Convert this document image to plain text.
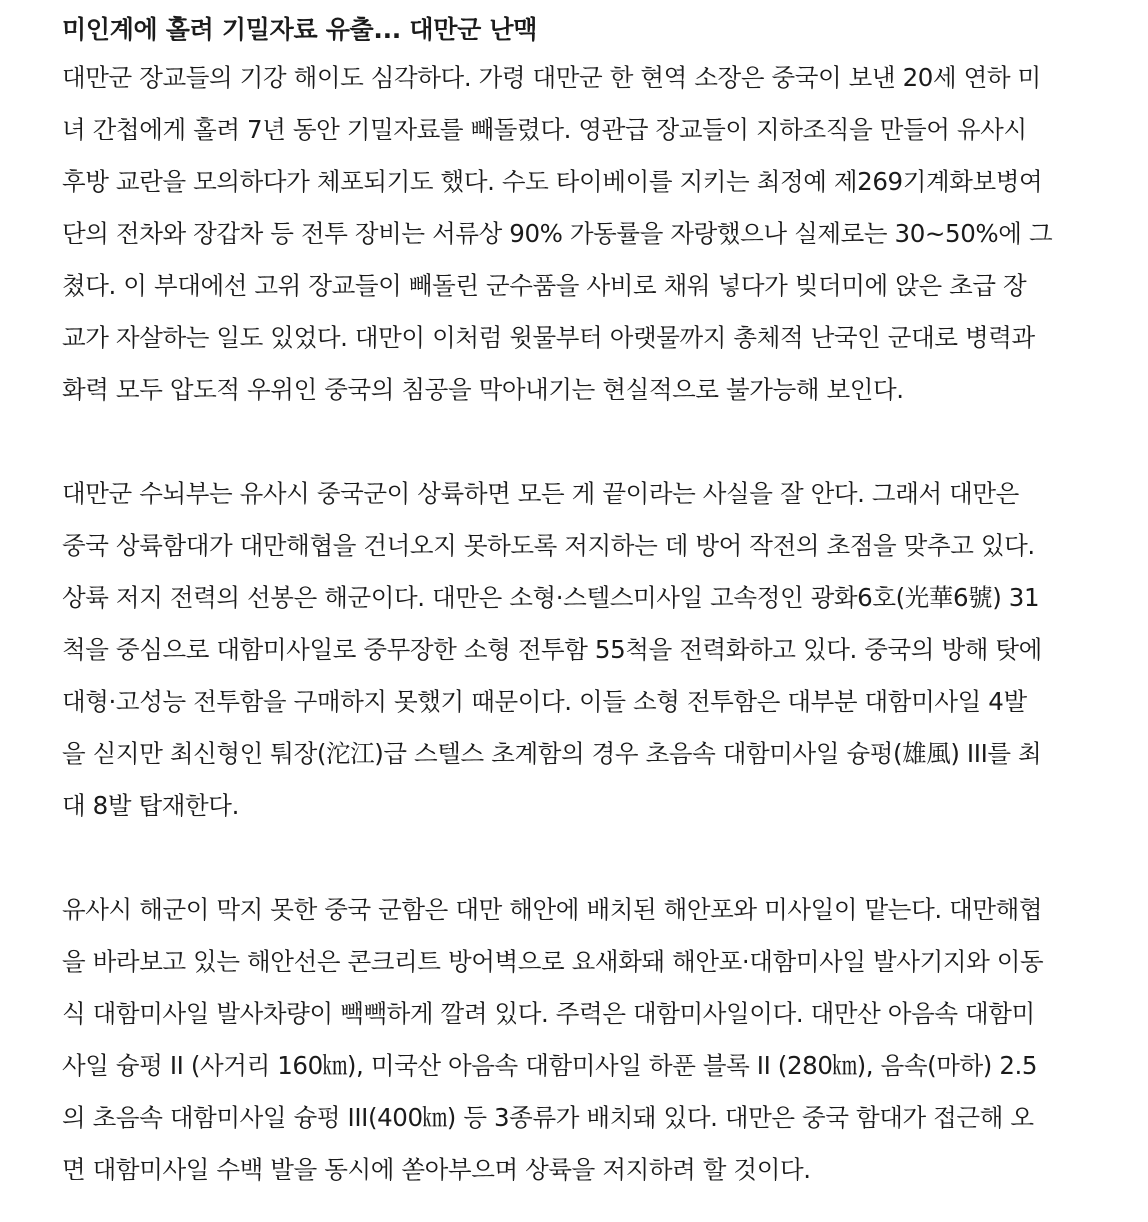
미인계에 홀려 기밀자료 유출... 대만군 난맥
대만군 장교들의 기강 해이도 심각하다. 가령 대만군 한 현역 소장은 중국이 보낸 20세 연하 미
녀 간첩에게 홀려 7년 동안 기밀자료를 빼돌렸다. 영관급 장교들이 지하조직을 만들어 유사시
후방 교란을 모의하다가 체포되기도 했다. 수도 타이베이를 지키는 최정예 제269기계화보병여
단의 전차와 장갑차 등 전투 장비는 서류상 90% 가동률을 자랑했으나 실제로는 30~50%에 그
쳤다. 이 부대에선 고위 장교들이 빼돌린 군수품을 사비로 채워 넣다가 빚더미에 앉은 초급 장
교가 자살하는 일도 있었다. 대만이 이처럼 윗물부터 아랫물까지 총체적 난국인 군대로 병력과
화력 모두 압도적 우위인 중국의 침공을 막아내기는 현실적으로 불가능해 보인다.
대만군 수뇌부는 유사시 중국군이 상륙하면 모든 게 끝이라는 사실을 잘 안다. 그래서 대만은
중국 상륙함대가 대만해협을 건너오지 못하도록 저지하는 데 방어 작전의 초점을 맞추고 있다.
상륙 저지 전력의 선봉은 해군이다. 대만은 소형·스텔스미사일 고속정인 광화6호(光華6號) 31
척을 중심으로 대함미사일로 중무장한 소형 전투함 55척을 전력화하고 있다. 중국의 방해 탓에
대형·고성능 전투함을 구매하지 못했기 때문이다. 이들 소형 전투함은 대부분 대함미사일 4발
을 싣지만 최신형인 퉈장(沱江)급 스텔스 초계함의 경우 초음속 대함미사일 슝펑(雄風) III를 최
대 8발 탑재한다.
유사시 해군이 막지 못한 중국 군함은 대만 해안에 배치된 해안포와 미사일이 맡는다. 대만해협
을 바라보고 있는 해안선은 콘크리트 방어벽으로 요새화돼 해안포·대함미사일 발사기지와 이동
식 대함미사일 발사차량이 빽빽하게 깔려 있다. 주력은 대함미사일이다. 대만산 아음속 대함미
사일 슝펑 II (사거리 160㎞), 미국산 아음속 대함미사일 하푼 블록 II (280㎞), 음속(마하) 2.5
의 초음속 대함미사일 슝펑 III(400㎞) 등 3종류가 배치돼 있다. 대만은 중국 함대가 접근해 오
면 대함미사일 수백 발을 동시에 쏟아부으며 상륙을 저지하려 할 것이다.
